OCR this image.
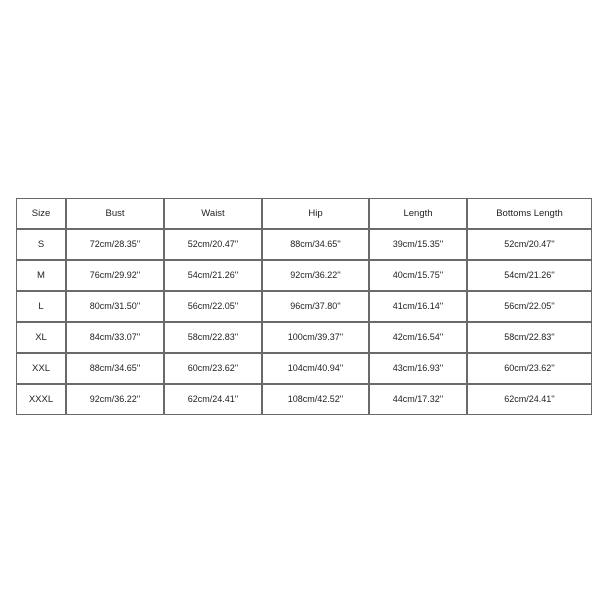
Size	Bust	Waist	Hip	Length	Bottoms Length
S	72cm/28.35''	52cm/20.47''	88cm/34.65''	39cm/15.35''	52cm/20.47''
M	76cm/29.92''	54cm/21.26''	92cm/36.22''	40cm/15.75''	54cm/21.26''
L	80cm/31.50''	56cm/22.05''	96cm/37.80''	41cm/16.14''	56cm/22.05''
XL	84cm/33.07''	58cm/22.83''	100cm/39.37''	42cm/16.54''	58cm/22.83''
XXL	88cm/34.65''	60cm/23.62''	104cm/40.94''	43cm/16.93''	60cm/23.62''
XXXL	92cm/36.22''	62cm/24.41''	108cm/42.52''	44cm/17.32''	62cm/24.41''
